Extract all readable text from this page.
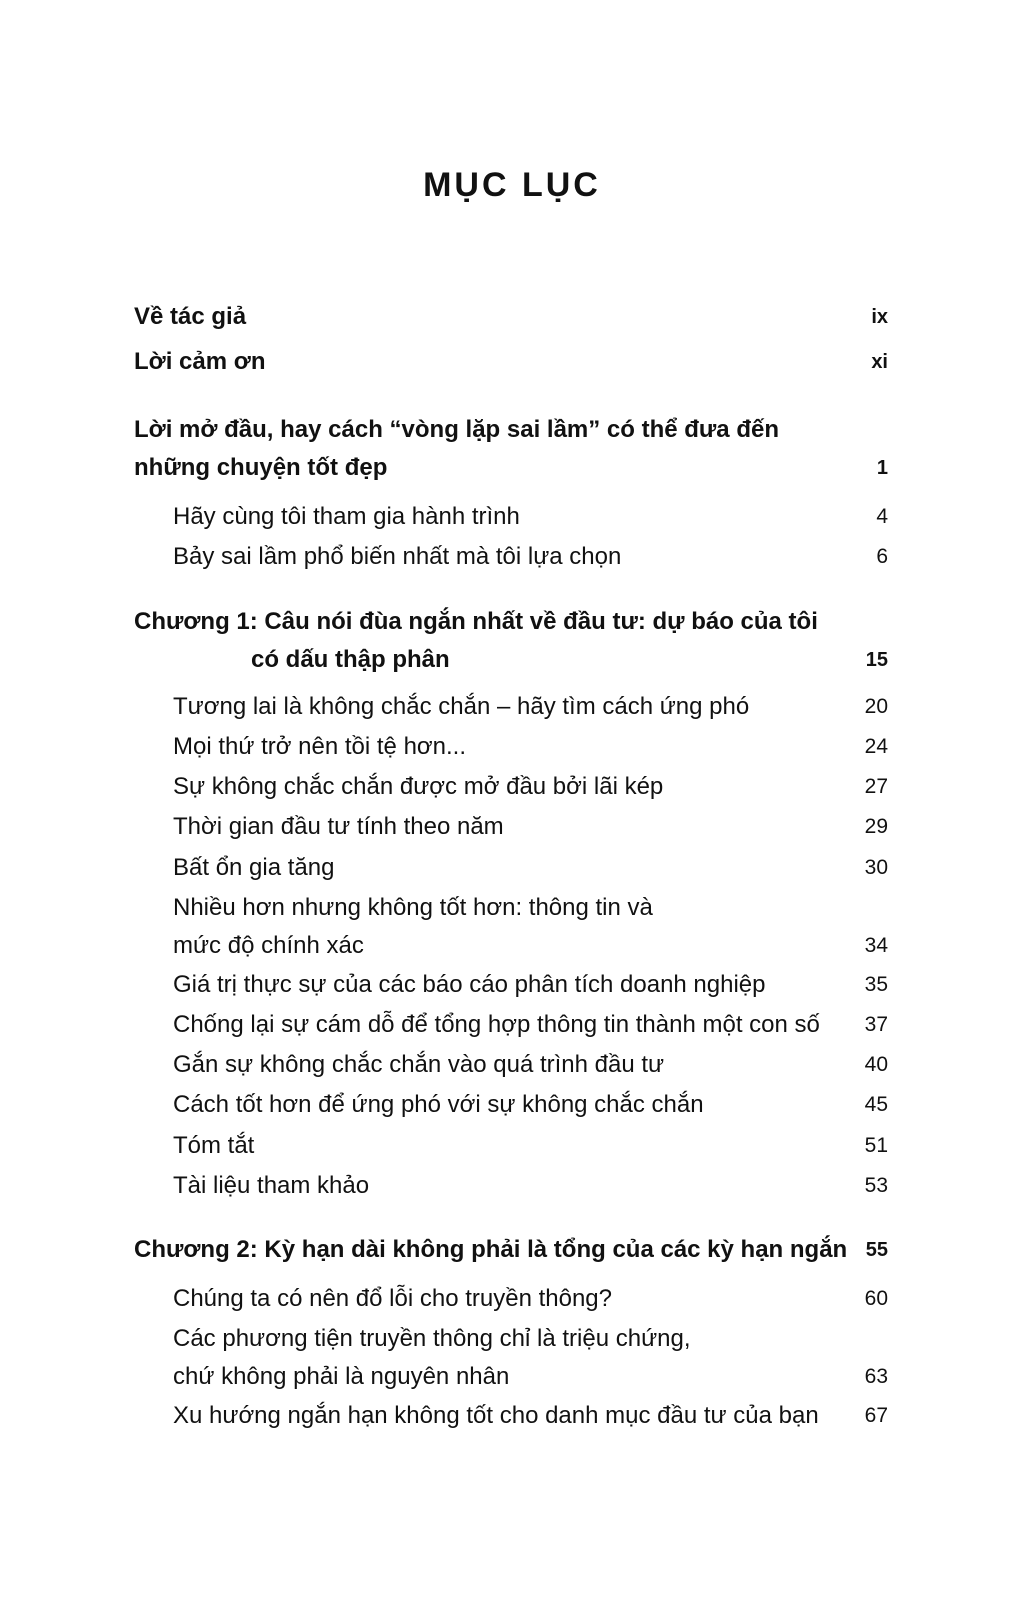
MỤC LỤC
Về tác giả	ix
Lời cảm ơn	xi
Lời mở đầu, hay cách “vòng lặp sai lầm” có thể đưa đến
những chuyện tốt đẹp	1
Hãy cùng tôi tham gia hành trình	4
Bảy sai lầm phổ biến nhất mà tôi lựa chọn	6
Chương 1: Câu nói đùa ngắn nhất về đầu tư: dự báo của tôi
có dấu thập phân	15
Tương lai là không chắc chắn – hãy tìm cách ứng phó	20
Mọi thứ trở nên tồi tệ hơn...	24
Sự không chắc chắn được mở đầu bởi lãi kép	27
Thời gian đầu tư tính theo năm	29
Bất ổn gia tăng	30
Nhiều hơn nhưng không tốt hơn: thông tin và
mức độ chính xác	34
Giá trị thực sự của các báo cáo phân tích doanh nghiệp	35
Chống lại sự cám dỗ để tổng hợp thông tin thành một con số	37
Gắn sự không chắc chắn vào quá trình đầu tư	40
Cách tốt hơn để ứng phó với sự không chắc chắn	45
Tóm tắt	51
Tài liệu tham khảo	53
Chương 2: Kỳ hạn dài không phải là tổng của các kỳ hạn ngắn 55
Chúng ta có nên đổ lỗi cho truyền thông?	60
Các phương tiện truyền thông chỉ là triệu chứng,
chứ không phải là nguyên nhân	63
Xu hướng ngắn hạn không tốt cho danh mục đầu tư của bạn	67
